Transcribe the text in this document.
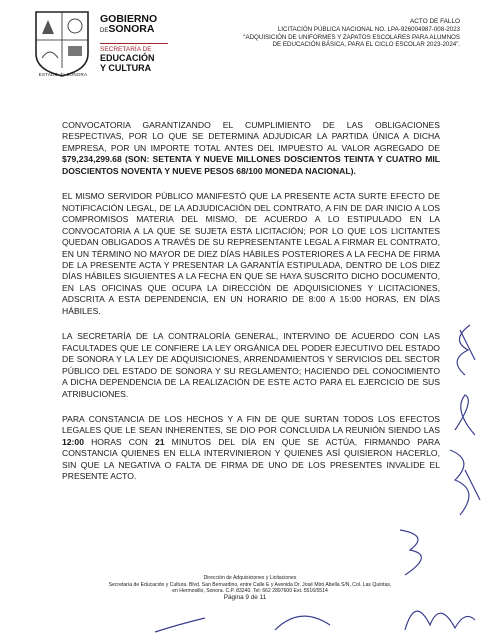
ESTADO de SONORA
GOBIERNO
DESONORA
SECRETARÍA DE
EDUCACIÓN
Y CULTURA
ACTO DE FALLO
LICITACIÓN PÚBLICA NACIONAL NO. LPA-926004987-008-2023
“ADQUISICIÓN DE UNIFORMES Y ZAPATOS ESCOLARES PARA ALUMNOS
DE EDUCACIÓN BÁSICA, PARA EL CICLO ESCOLAR 2023-2024”.

CONVOCATORIA GARANTIZANDO EL CUMPLIMIENTO DE LAS OBLIGACIONES RESPECTIVAS, POR LO QUE SE DETERMINA ADJUDICAR LA PARTIDA ÚNICA A DICHA EMPRESA, POR UN IMPORTE TOTAL ANTES DEL IMPUESTO AL VALOR AGREGADO DE $79,234,299.68 (SON: SETENTA Y NUEVE MILLONES DOSCIENTOS TEINTA Y CUATRO MIL DOSCIENTOS NOVENTA Y NUEVE PESOS 68/100 MONEDA NACIONAL).

EL MISMO SERVIDOR PÚBLICO MANIFESTÓ QUE LA PRESENTE ACTA SURTE EFECTO DE NOTIFICACIÓN LEGAL, DE LA ADJUDICACIÓN DEL CONTRATO, A FIN DE DAR INICIO A LOS COMPROMISOS MATERIA DEL MISMO, DE ACUERDO A LO ESTIPULADO EN LA CONVOCATORIA A LA QUE SE SUJETA ESTA LICITACIÓN; POR LO QUE LOS LICITANTES QUEDAN OBLIGADOS A TRAVÉS DE SU REPRESENTANTE LEGAL A FIRMAR EL CONTRATO, EN UN TÉRMINO NO MAYOR DE DIEZ DÍAS HÁBILES POSTERIORES A LA FECHA DE FIRMA DE LA PRESENTE ACTA Y PRESENTAR LA GARANTÍA ESTIPULADA, DENTRO DE LOS DIEZ DÍAS HÁBILES SIGUIENTES A LA FECHA EN QUE SE HAYA SUSCRITO DICHO DOCUMENTO, EN LAS OFICINAS QUE OCUPA LA DIRECCIÓN DE ADQUISICIONES Y LICITACIONES, ADSCRITA A ESTA DEPENDENCIA, EN UN HORARIO DE 8:00 A 15:00 HORAS, EN DÍAS HÁBILES.

LA SECRETARÍA DE LA CONTRALORÍA GENERAL, INTERVINO DE ACUERDO CON LAS FACULTADES QUE LE CONFIERE LA LEY ORGÁNICA DEL PODER EJECUTIVO DEL ESTADO DE SONORA Y LA LEY DE ADQUISICIONES, ARRENDAMIENTOS Y SERVICIOS DEL SECTOR PÚBLICO DEL ESTADO DE SONORA Y SU REGLAMENTO; HACIENDO DEL CONOCIMIENTO A DICHA DEPENDENCIA DE LA REALIZACIÓN DE ESTE ACTO PARA EL EJERCICIO DE SUS ATRIBUCIONES.

PARA CONSTANCIA DE LOS HECHOS Y A FIN DE QUE SURTAN TODOS LOS EFECTOS LEGALES QUE LE SEAN INHERENTES, SE DIO POR CONCLUIDA LA REUNIÓN SIENDO LAS 12:00 HORAS CON 21 MINUTOS DEL DÍA EN QUE SE ACTÚA, FIRMANDO PARA CONSTANCIA QUIENES EN ELLA INTERVINIERON Y QUIENES ASÍ QUISIERON HACERLO, SIN QUE LA NEGATIVA O FALTA DE FIRMA DE UNO DE LOS PRESENTES INVALIDE EL PRESENTE ACTO.

Dirección de Adquisiciones y Licitaciones
Secretaría de Educación y Cultura. Blvd. San Bernardino, entre Calle E y Avenida Dr. José Miró Abella S/N, Col. Las Quintas,
en Hermosillo, Sonora. C.P. 83240. Tel: 662 2897600 Ext. 5516/5514
Página 9 de 11
